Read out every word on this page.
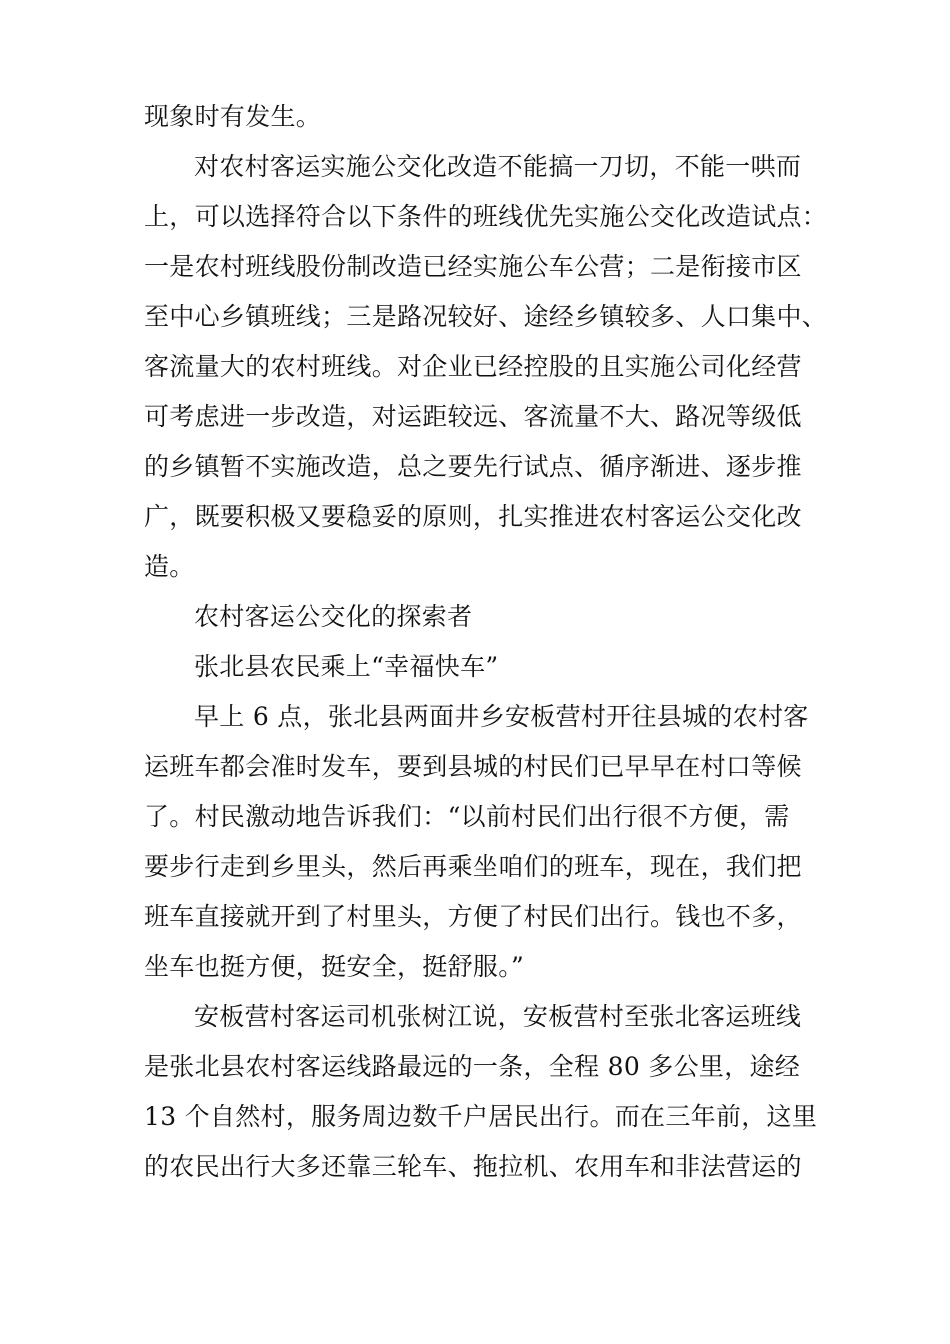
现象时有发生。
对农村客运实施公交化改造不能搞一刀切，不能一哄而
上，可以选择符合以下条件的班线优先实施公交化改造试点：
一是农村班线股份制改造已经实施公车公营；二是衔接市区
至中心乡镇班线；三是路况较好、途经乡镇较多、人口集中、
客流量大的农村班线。对企业已经控股的且实施公司化经营
可考虑进一步改造，对运距较远、客流量不大、路况等级低
的乡镇暂不实施改造，总之要先行试点、循序渐进、逐步推
广，既要积极又要稳妥的原则，扎实推进农村客运公交化改
造。
农村客运公交化的探索者
张北县农民乘上“幸福快车”
早上 6 点，张北县两面井乡安板营村开往县城的农村客
运班车都会准时发车，要到县城的村民们已早早在村口等候
了。村民激动地告诉我们：“以前村民们出行很不方便，需
要步行走到乡里头，然后再乘坐咱们的班车，现在，我们把
班车直接就开到了村里头，方便了村民们出行。钱也不多，
坐车也挺方便，挺安全，挺舒服。”
安板营村客运司机张树江说，安板营村至张北客运班线
是张北县农村客运线路最远的一条，全程 80 多公里，途经
13 个自然村，服务周边数千户居民出行。而在三年前，这里
的农民出行大多还靠三轮车、拖拉机、农用车和非法营运的
